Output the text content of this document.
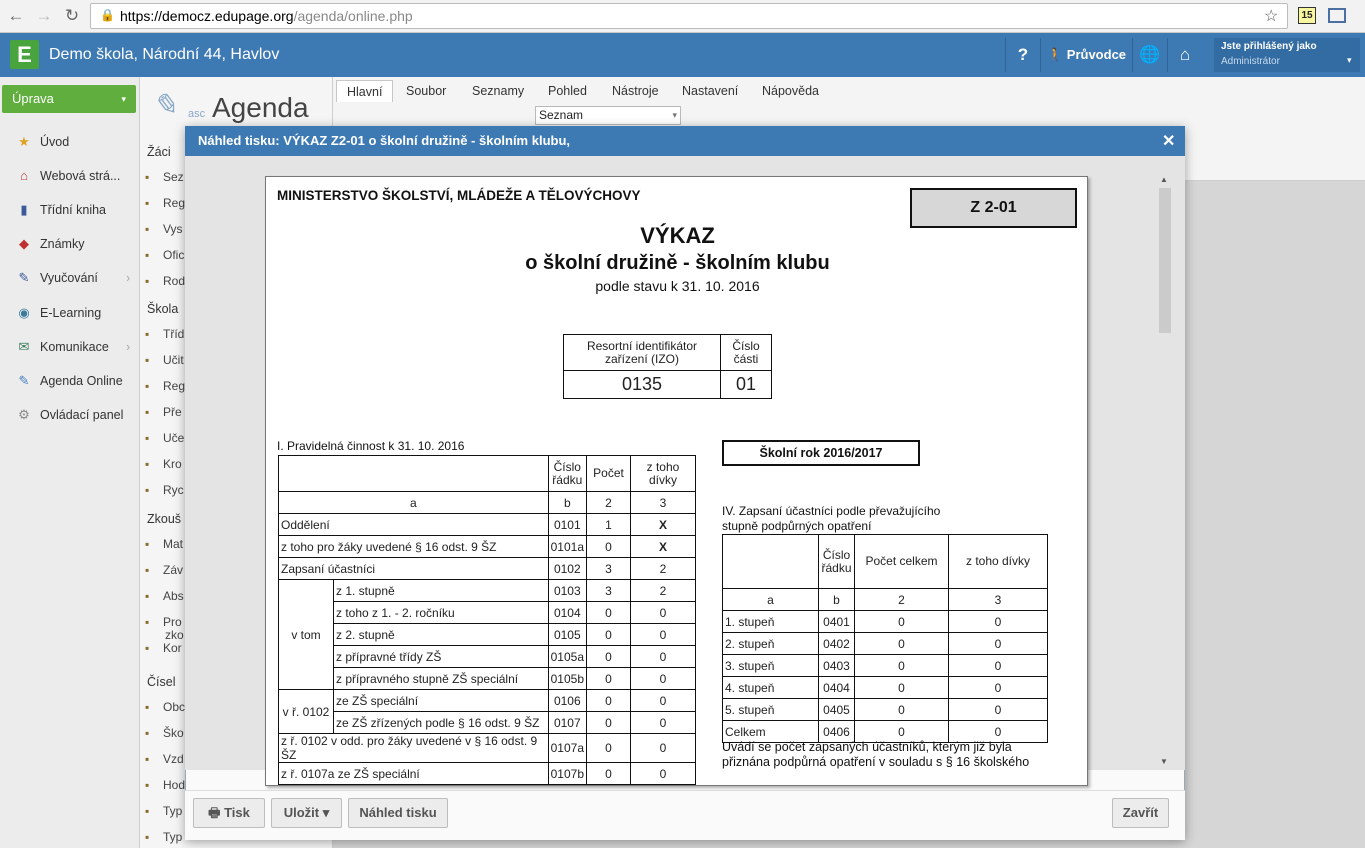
← → ↻	🔒 https://democz.edupage.org/agenda/online.php	☆	15
E	Demo škola, Národní 44, Havlov	?	🚶 Průvodce 🌐	⌂	Jste přihlášený jako
Administrátor	▾
Úprava	▾
★ Úvod
⌂ Webová strá...
▮ Třídní kniha
◆ Známky
✎ Vyučování ›
◉ E-Learning
✉ Komunikace ›
✎ Agenda Online
⚙ Ovládací panel
✎ asc Agenda
Žáci
▪ Sez
▪ Reg
▪ Vys
▪ Ofic
▪ Rod
Škola
▪ Tříd
▪ Učit
▪ Reg
▪ Pře
▪ Uče
▪ Kro
▪ Ryc
Zkouš
▪ Mat
▪ Záv
▪ Abs
▪ Pro
▪ Kor
Čísel
▪ Obc
▪ Ško
▪ Vzd
▪ Hod
▪ Typ
▪ Typ
zko
Hlavní	Soubor	Seznamy	Pohled	Nástroje	Nastavení	Nápověda
Seznam	▾
Náhled tisku: VÝKAZ Z2-01 o školní družině - školním klubu,	✕
▲
▼
MINISTERSTVO ŠKOLSTVÍ, MLÁDEŽE A TĚLOVÝCHOVY
Z 2-01
VÝKAZ
o školní družině - školním klubu
podle stavu k 31. 10. 2016
Resortní identifikátor zařízení (IZO)	Číslo části
0135	01
Školní rok 2016/2017
I. Pravidelná činnost k 31. 10. 2016
		Číslo řádku	Počet	z toho dívky
a		b	2	3
Oddělení		0101	1	X
z toho pro žáky uvedené § 16 odst. 9 ŠZ		0101a	0	X
Zapsaní účastníci		0102	3	2
v tom	z 1. stupně	0103	3	2
	z toho z 1. - 2. ročníku	0104	0	0
	z 2. stupně	0105	0	0
	z přípravné třídy ZŠ	0105a	0	0
	z přípravného stupně ZŠ speciální	0105b	0	0
v ř. 0102	ze ZŠ speciální	0106	0	0
	ze ZŠ zřízených podle § 16 odst. 9 ŠZ	0107	0	0
z ř. 0102 v odd. pro žáky uvedené v § 16 odst. 9 ŠZ		0107a	0	0
z ř. 0107a ze ZŠ speciální		0107b	0	0
IV. Zapsaní účastníci podle převažujícího
stupně podpůrných opatření
	Číslo řádku	Počet celkem	z toho dívky
a	b	2	3
1. stupeň	0401	0	0
2. stupeň	0402	0	0
3. stupeň	0403	0	0
4. stupeň	0404	0	0
5. stupeň	0405	0	0
Celkem	0406	0	0
Uvádí se počet zapsaných účastníků, kterým již byla
přiznána podpůrná opatření v souladu s § 16 školského
🖶 Tisk	Uložit ▾	Náhled tisku	Zavřít
